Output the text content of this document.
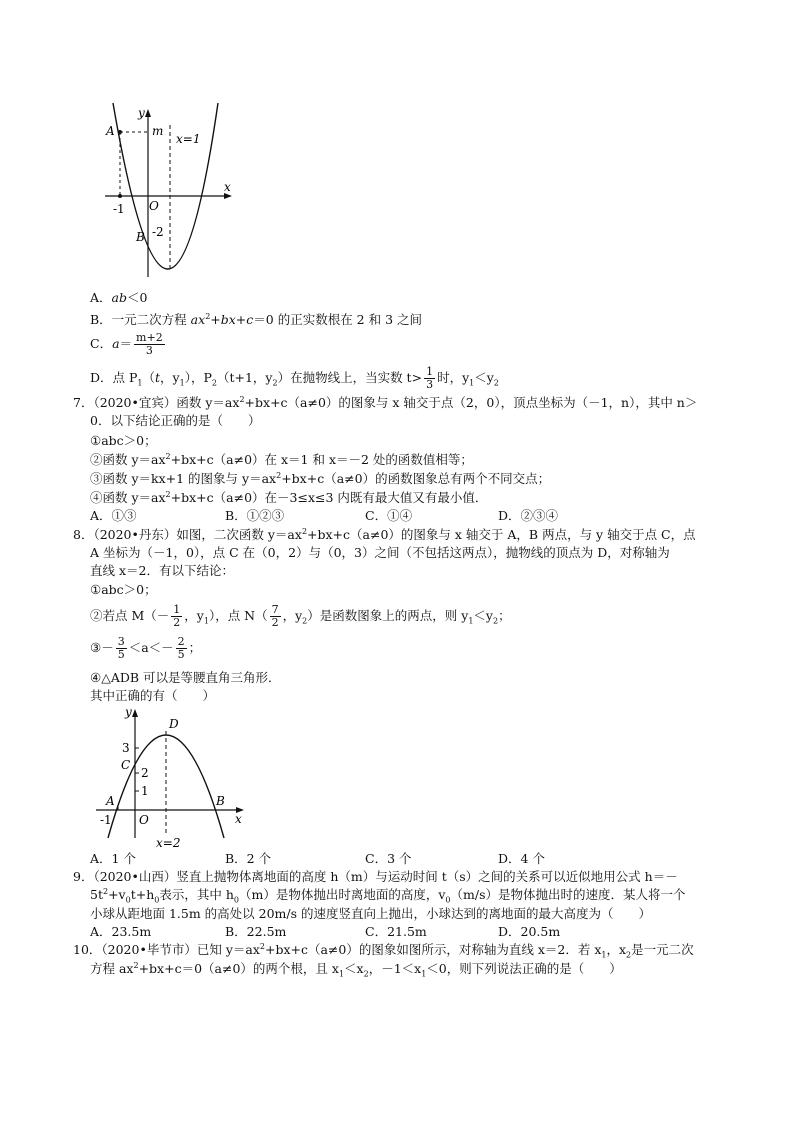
y
x
A	m
x=1
-1 O
B -2
A．ab＜0
B．一元二次方程 $ax^2+bx+c=0$ 的正实数根在 2 和 3 之间
C．$a= \frac{m+2}{3}$
D．点 $P_1(t$，$y_1$），$P_2(t+1$，$y_2$）在抛物线上，当实数 $t> \frac{1}{3}$ 时，$y_1<y_2$
7．（2020•宜宾）函数 $y=ax^2+bx+c(a\ne 0)$的图象与 x 轴交于点（2，0），顶点坐标为（－1，n），其中 n＞
0．以下结论正确的是（　　）
①abc＞0；
②函数 $y=ax^2+bx+c(a\ne 0)$在 x＝1 和 x＝－2 处的函数值相等；
③函数 y＝kx+1 的图象与 $y=ax^2+bx+c(a\ne 0)$的函数图象总有两个不同交点；
④函数 $y=ax^2+bx+c(a\ne 0)$在－3≤x≤3 内既有最大值又有最小值．
A．①③	B．①②③	C．①④	D．②③④
8．（2020•丹东）如图，二次函数 $y=ax^2+bx+c(a\ne 0)$的图象与 x 轴交于 A，B 两点，与 y 轴交于点 C，点
A 坐标为（－1，0），点 C 在（0，2）与（0，3）之间（不包括这两点），抛物线的顶点为 D，对称轴为
直线 x＝2．有以下结论：
①abc＞0；
②若点 $M(- \frac{1}{2}$ ，$y_1$），点 $N( \frac{7}{2}$ ，$y_2$）是函数图象上的两点，则 $y_1<y_2$；
③－ $\frac{3}{5} <a<- \frac{2}{5}$ ；
④△ADB 可以是等腰直角三角形．
其中正确的有（　　）
y
x
D
3
C
2
1
A	B
-1 O
x=2
A．1 个	B．2 个	C．3 个	D．4 个
9．（2020•山西）竖直上抛物体离地面的高度 h（m）与运动时间 t（s）之间的关系可以近似地用公式 h＝－
$5t^2+v_0t+h_0$表示，其中 $h_0(m)$是物体抛出时离地面的高度，$v_0(m/s)$是物体抛出时的速度．某人将一个
小球从距地面 1.5m 的高处以 20m/s 的速度竖直向上抛出，小球达到的离地面的最大高度为（　　）
A．23.5m	B．22.5m	C．21.5m	D．20.5m
10．（2020•毕节市）已知 $y=ax^2+bx+c(a\ne 0)$的图象如图所示，对称轴为直线 x＝2．若 $x_1$，$x_2$是一元二次
方程 $ax^2+bx+c=0(a\ne 0)$的两个根，且 $x_1<x_2$，$-1<x_1<0$，则下列说法正确的是（　　）
